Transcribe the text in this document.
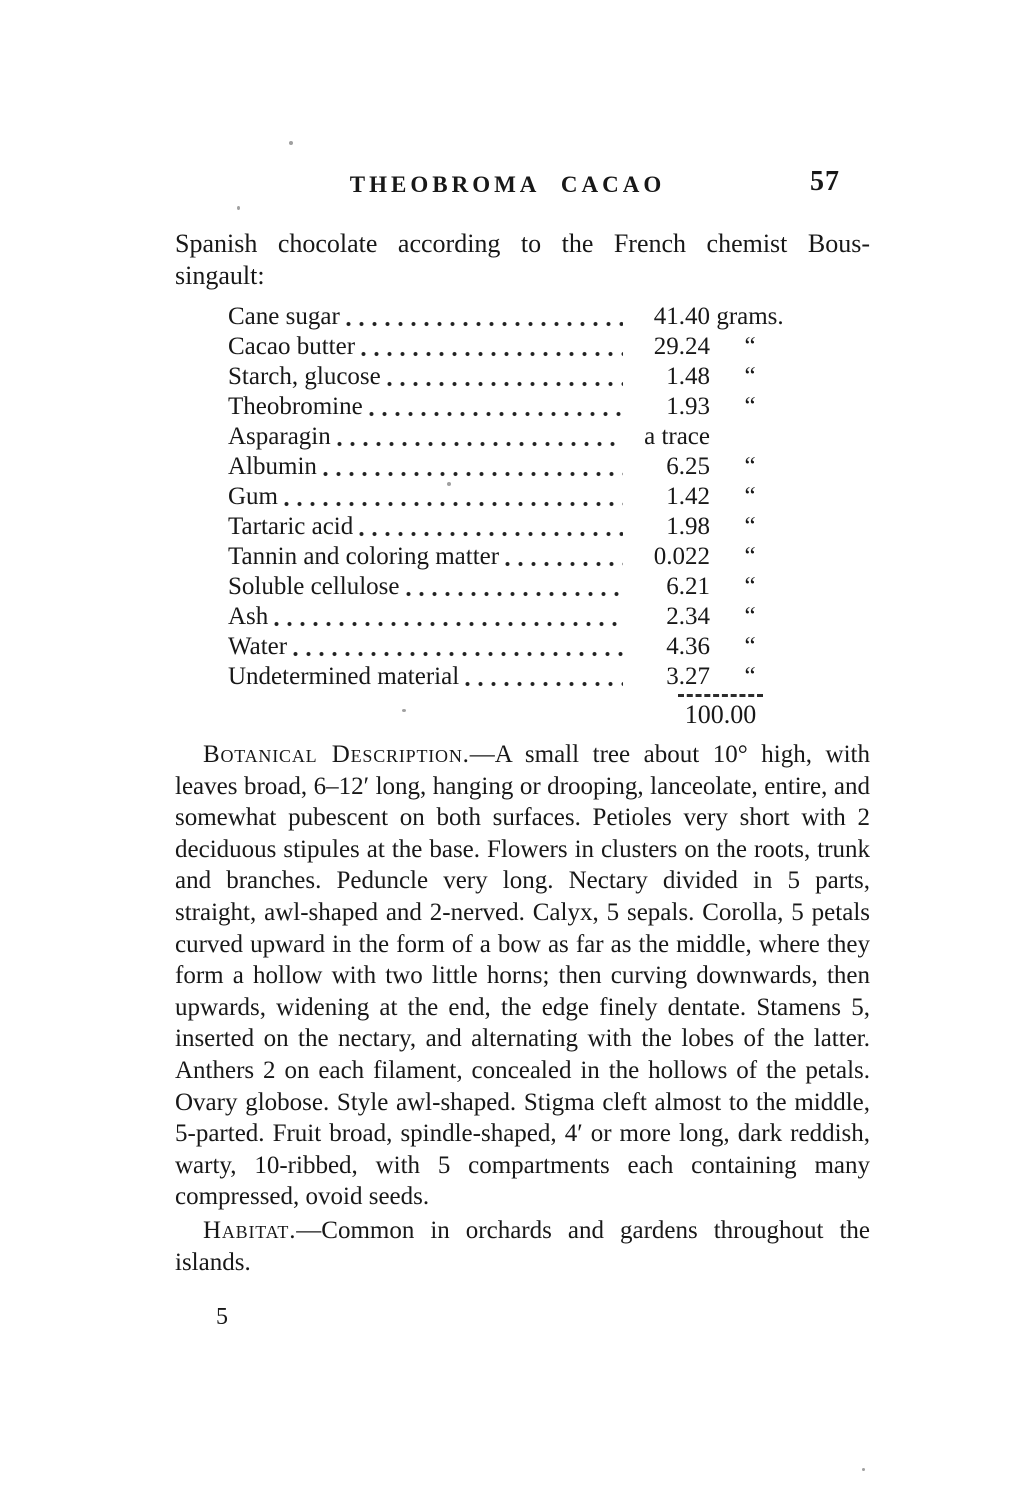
THEOBROMA CACAO	57
Spanish chocolate according to the French chemist Bous-
singault:
Cane sugar	41.40 grams.
Cacao butter	29.24	“
Starch, glucose	1.48	“
Theobromine	1.93	“
Asparagin	a trace
Albumin	6.25	“
Gum	1.42	“
Tartaric acid	1.98	“
Tannin and coloring matter	0.022	“
Soluble cellulose	6.21	“
Ash	2.34	“
Water	4.36	“
Undetermined material	3.27	“
100.00
Botanical Description.—A small tree about 10° high, with leaves broad, 6–12′ long, hanging or drooping, lanceolate, entire, and somewhat pubescent on both surfaces. Petioles very short with 2 deciduous stipules at the base. Flowers in clusters on the roots, trunk and branches. Peduncle very long. Nectary divided in 5 parts, straight, awl-shaped and 2-nerved. Calyx, 5 sepals. Corolla, 5 petals curved upward in the form of a bow as far as the middle, where they form a hollow with two little horns; then curving downwards, then upwards, widening at the end, the edge finely dentate. Stamens 5, inserted on the nectary, and alternating with the lobes of the latter. Anthers 2 on each filament, concealed in the hollows of the petals. Ovary globose. Style awl-shaped. Stigma cleft almost to the middle, 5-parted. Fruit broad, spindle-shaped, 4′ or more long, dark reddish, warty, 10-ribbed, with 5 compartments each containing many compressed, ovoid seeds.
Habitat.—Common in orchards and gardens throughout the islands.
5
